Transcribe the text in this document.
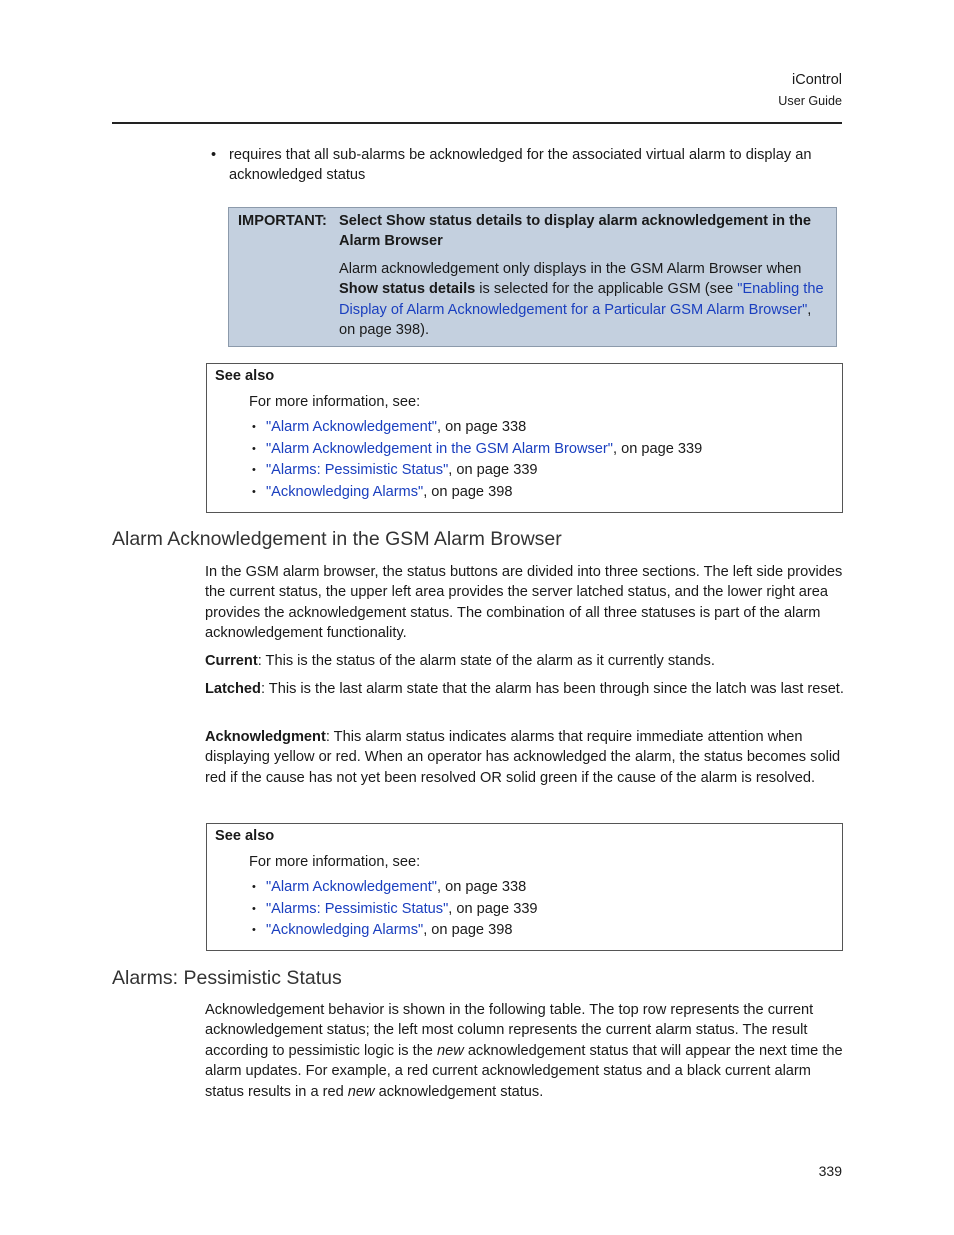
iControl
User Guide
• requires that all sub-alarms be acknowledged for the associated virtual alarm to display an acknowledged status
IMPORTANT: Select Show status details to display alarm acknowledgement in the Alarm Browser
Alarm acknowledgement only displays in the GSM Alarm Browser when Show status details is selected for the applicable GSM (see "Enabling the Display of Alarm Acknowledgement for a Particular GSM Alarm Browser", on page 398).
See also
For more information, see:
• "Alarm Acknowledgement", on page 338
• "Alarm Acknowledgement in the GSM Alarm Browser", on page 339
• "Alarms: Pessimistic Status", on page 339
• "Acknowledging Alarms", on page 398
Alarm Acknowledgement in the GSM Alarm Browser

In the GSM alarm browser, the status buttons are divided into three sections. The left side provides the current status, the upper left area provides the server latched status, and the lower right area provides the acknowledgement status. The combination of all three statuses is part of the alarm acknowledgement functionality.

Current: This is the status of the alarm state of the alarm as it currently stands.

Latched: This is the last alarm state that the alarm has been through since the latch was last reset.

Acknowledgment: This alarm status indicates alarms that require immediate attention when displaying yellow or red. When an operator has acknowledged the alarm, the status becomes solid red if the cause has not yet been resolved OR solid green if the cause of the alarm is resolved.

See also
For more information, see:
• "Alarm Acknowledgement", on page 338
• "Alarms: Pessimistic Status", on page 339
• "Acknowledging Alarms", on page 398
Alarms: Pessimistic Status

Acknowledgement behavior is shown in the following table. The top row represents the current acknowledgement status; the left most column represents the current alarm status. The result according to pessimistic logic is the new acknowledgement status that will appear the next time the alarm updates. For example, a red current acknowledgement status and a black current alarm status results in a red new acknowledgement status.

339
